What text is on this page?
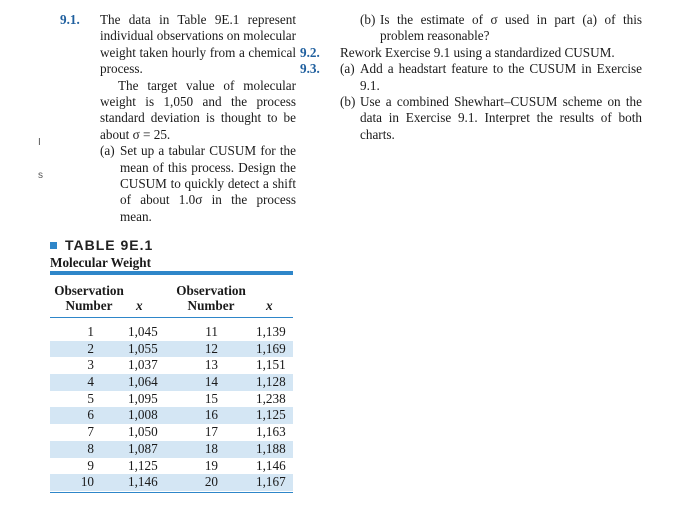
I
s
9.1.	The data in Table 9E.1 represent individual observations on molecular weight taken hourly from a chemical process.

The target value of molecular weight is 1,050 and the process standard deviation is thought to be about σ = 25.

(a) Set up a tabular CUSUM for the mean of this process. Design the CUSUM to quickly detect a shift of about 1.0σ in the process mean.
(b) Is the estimate of σ used in part (a) of this problem reasonable?
9.2.	Rework Exercise 9.1 using a standardized CUSUM.

9.3.	(a) Add a headstart feature to the CUSUM in Exercise 9.1.
(b) Use a combined Shewhart–CUSUM scheme on the data in Exercise 9.1. Interpret the results of both charts.
TABLE 9E.1
Molecular Weight
Observation
Number	x
Observation
Number	x
1	1,045	11	1,139
2	1,055	12	1,169
3	1,037	13	1,151
4	1,064	14	1,128
5	1,095	15	1,238
6	1,008	16	1,125
7	1,050	17	1,163
8	1,087	18	1,188
9	1,125	19	1,146
10	1,146	20	1,167
